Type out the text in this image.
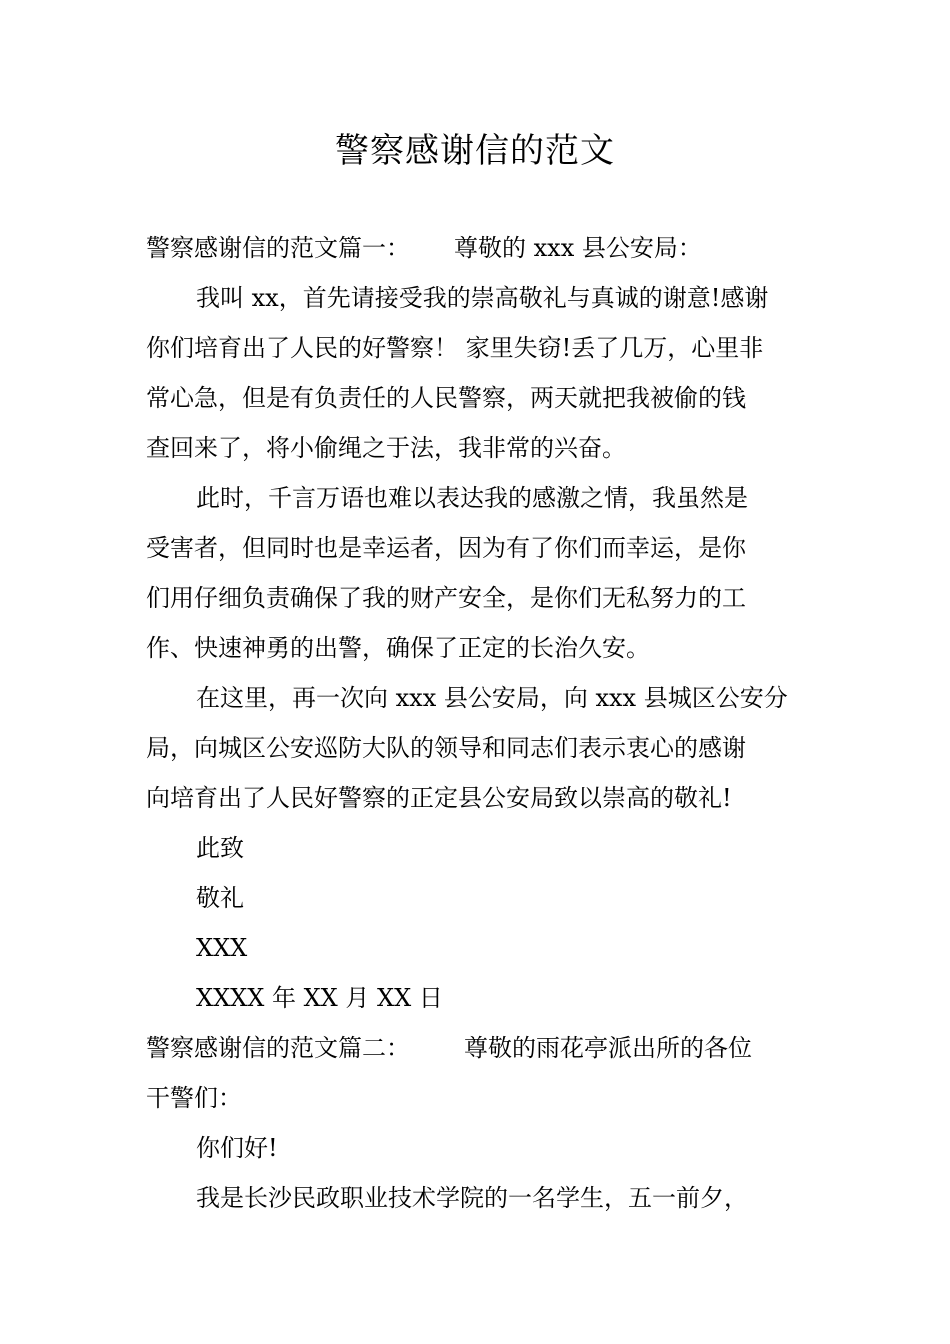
警察感谢信的范文

警察感谢信的范文篇一： 尊敬的 xxx 县公安局：

我叫 xx，首先请接受我的崇高敬礼与真诚的谢意!感谢
你们培育出了人民的好警察！ 家里失窃!丢了几万，心里非
常心急，但是有负责任的人民警察，两天就把我被偷的钱
查回来了，将小偷绳之于法，我非常的兴奋。

此时，千言万语也难以表达我的感激之情，我虽然是
受害者，但同时也是幸运者，因为有了你们而幸运，是你
们用仔细负责确保了我的财产安全，是你们无私努力的工
作、快速神勇的出警，确保了正定的长治久安。

在这里，再一次向 xxx 县公安局，向 xxx 县城区公安分
局，向城区公安巡防大队的领导和同志们表示衷心的感谢
向培育出了人民好警察的正定县公安局致以崇高的敬礼!

此致

敬礼

XXX

XXXX 年 XX 月 XX 日

警察感谢信的范文篇二： 尊敬的雨花亭派出所的各位

干警们：

你们好!

我是长沙民政职业技术学院的一名学生，五一前夕，
